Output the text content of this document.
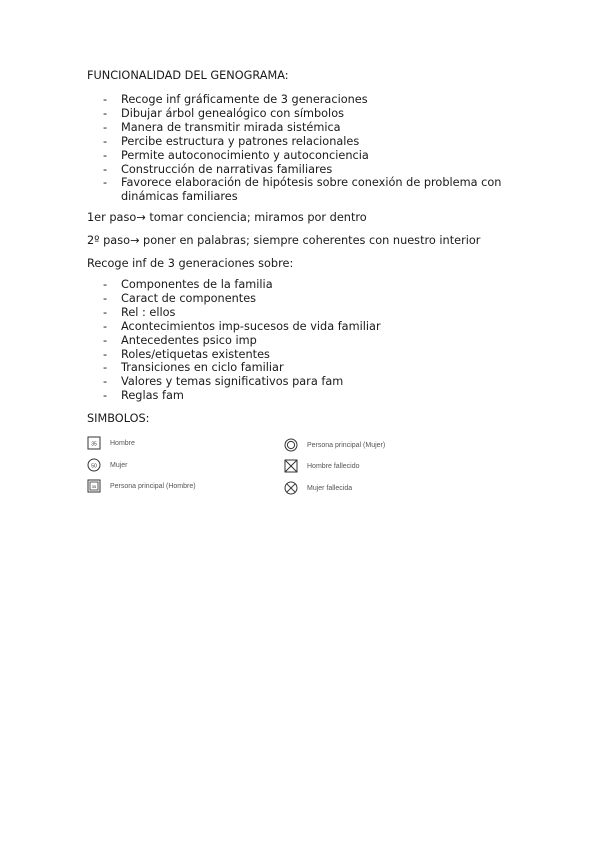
FUNCIONALIDAD DEL GENOGRAMA:
- Recoge inf gráficamente de 3 generaciones
- Dibujar árbol genealógico con símbolos
- Manera de transmitir mirada sistémica
- Percibe estructura y patrones relacionales
- Permite autoconocimiento y autoconciencia
- Construcción de narrativas familiares
- Favorece elaboración de hipótesis sobre conexión de problema con dinámicas familiares
1er paso→ tomar conciencia; miramos por dentro
2º paso→ poner en palabras; siempre coherentes con nuestro interior
Recoge inf de 3 generaciones sobre:
- Componentes de la familia
- Caract de componentes
- Rel : ellos
- Acontecimientos imp-sucesos de vida familiar
- Antecedentes psico imp
- Roles/etiquetas existentes
- Transiciones en ciclo familiar
- Valores y temas significativos para fam
- Reglas fam
SIMBOLOS:
35 Hombre
50 Mujer
35 Persona principal (Hombre)
Persona principal (Mujer)
Hombre fallecido
Mujer fallecida
